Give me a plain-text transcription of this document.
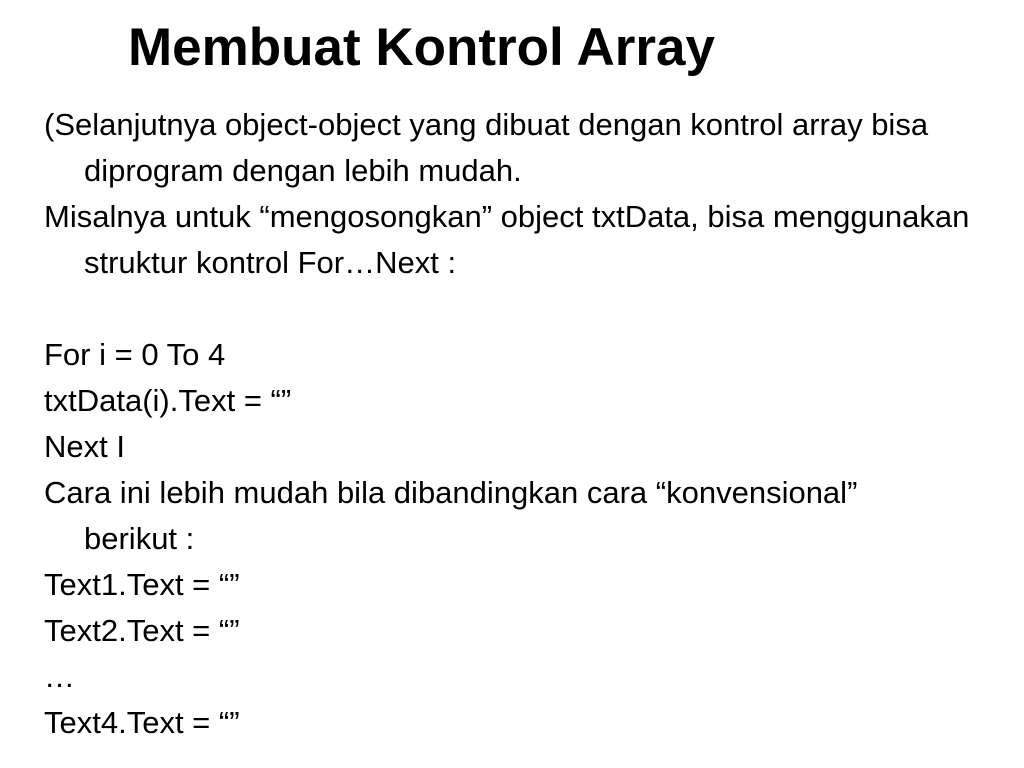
Membuat Kontrol Array
(Selanjutnya object-object yang dibuat dengan kontrol array bisa diprogram dengan lebih mudah.
Misalnya untuk “mengosongkan” object txtData, bisa menggunakan struktur kontrol For…Next :
For i = 0 To 4
txtData(i).Text = “”
Next I
Cara ini lebih mudah bila dibandingkan cara “konvensional” berikut :
Text1.Text = “”
Text2.Text = “”
…
Text4.Text = “”
